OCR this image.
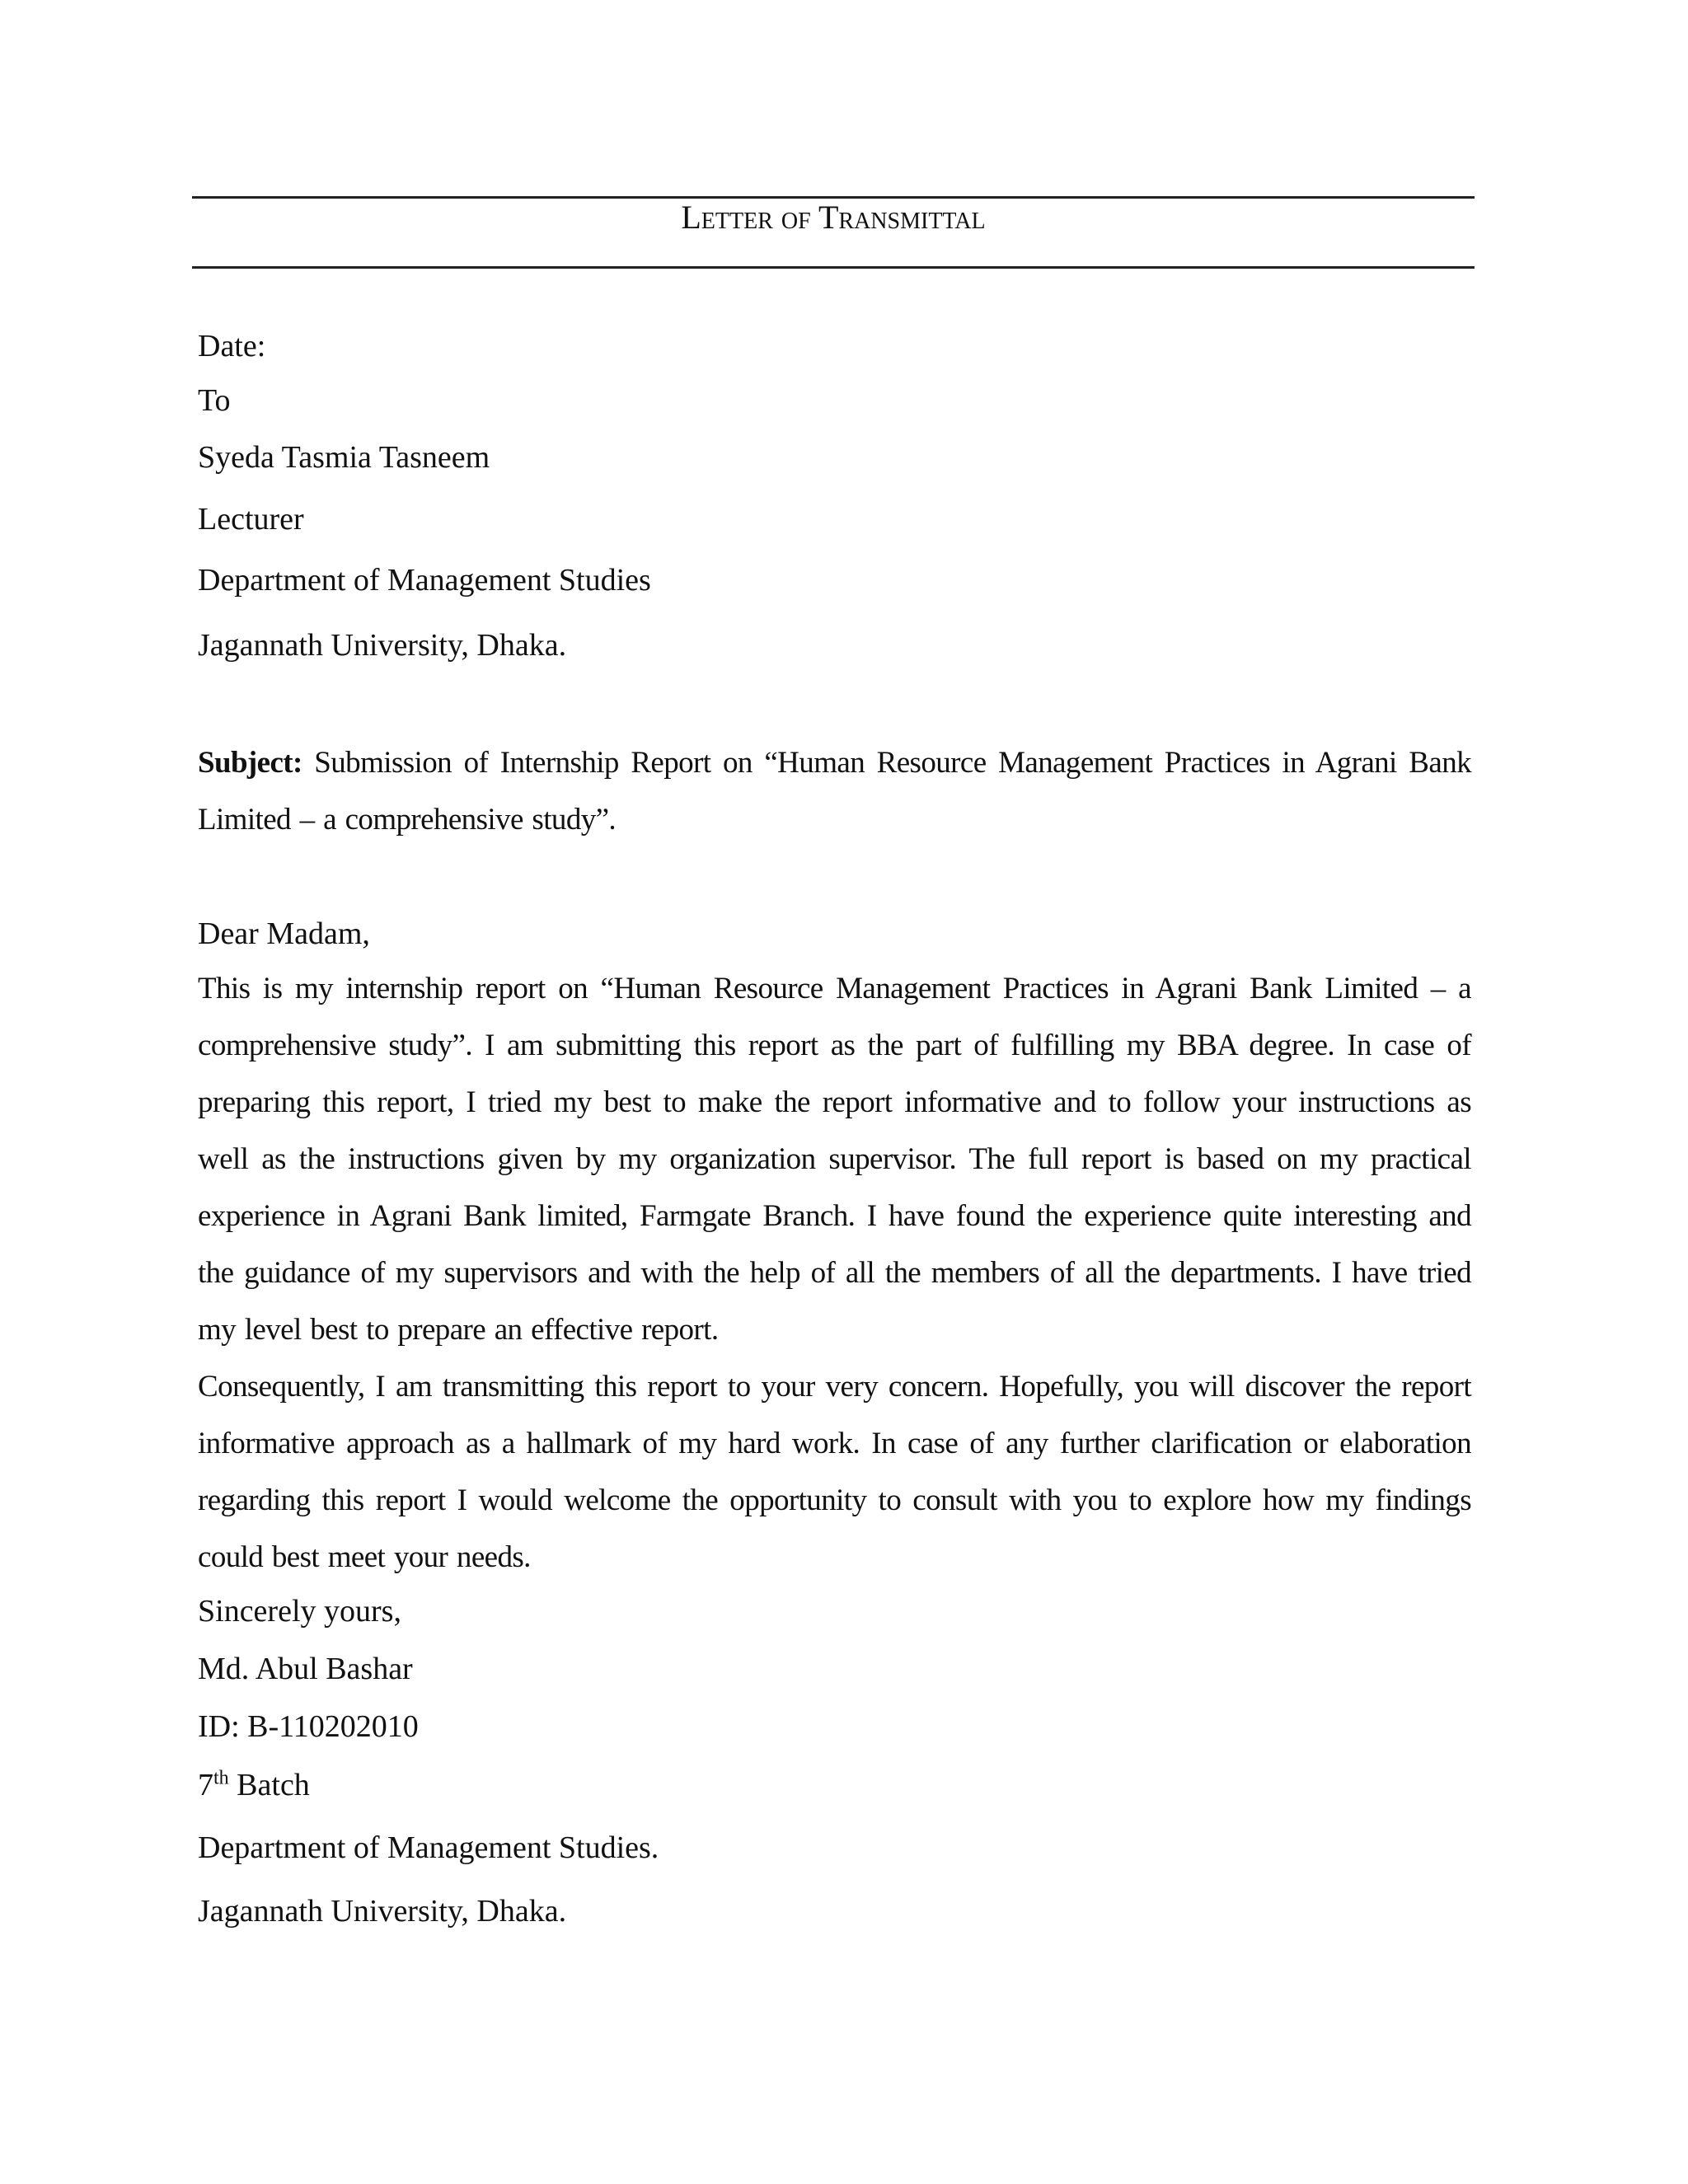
Letter of Transmittal
Date:
To
Syeda Tasmia Tasneem
Lecturer
Department of Management Studies
Jagannath University, Dhaka.
Subject: Submission of Internship Report on “Human Resource Management Practices in Agrani Bank Limited – a comprehensive study”.
Dear Madam,
This is my internship report on “Human Resource Management Practices in Agrani Bank Limited – a comprehensive study”. I am submitting this report as the part of fulfilling my BBA degree. In case of preparing this report, I tried my best to make the report informative and to follow your instructions as well as the instructions given by my organization supervisor. The full report is based on my practical experience in Agrani Bank limited, Farmgate Branch. I have found the experience quite interesting and the guidance of my supervisors and with the help of all the members of all the departments. I have tried my level best to prepare an effective report.
Consequently, I am transmitting this report to your very concern. Hopefully, you will discover the report informative approach as a hallmark of my hard work. In case of any further clarification or elaboration regarding this report I would welcome the opportunity to consult with you to explore how my findings could best meet your needs.
Sincerely yours,
Md. Abul Bashar
ID: B-110202010
7th Batch
Department of Management Studies.
Jagannath University, Dhaka.
